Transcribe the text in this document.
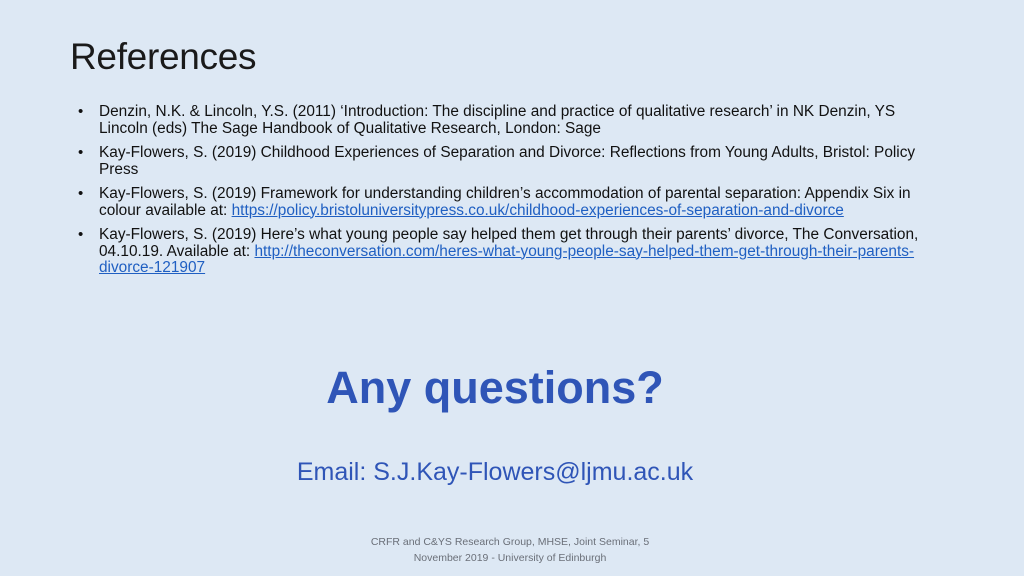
References
• Denzin, N.K. & Lincoln, Y.S. (2011) ‘Introduction: The discipline and practice of qualitative research’ in NK Denzin, YS Lincoln (eds) The Sage Handbook of Qualitative Research, London: Sage
• Kay-Flowers, S. (2019) Childhood Experiences of Separation and Divorce: Reflections from Young Adults, Bristol: Policy Press
• Kay-Flowers, S. (2019) Framework for understanding children’s accommodation of parental separation: Appendix Six in colour available at: https://policy.bristoluniversitypress.co.uk/childhood-experiences-of-separation-and-divorce
• Kay-Flowers, S. (2019) Here’s what young people say helped them get through their parents’ divorce, The Conversation, 04.10.19. Available at: http://theconversation.com/heres-what-young-people-say-helped-them-get-through-their-parents-divorce-121907
Any questions?
Email: S.J.Kay-Flowers@ljmu.ac.uk
CRFR and C&YS Research Group, MHSE, Joint Seminar, 5 November 2019 - University of Edinburgh
